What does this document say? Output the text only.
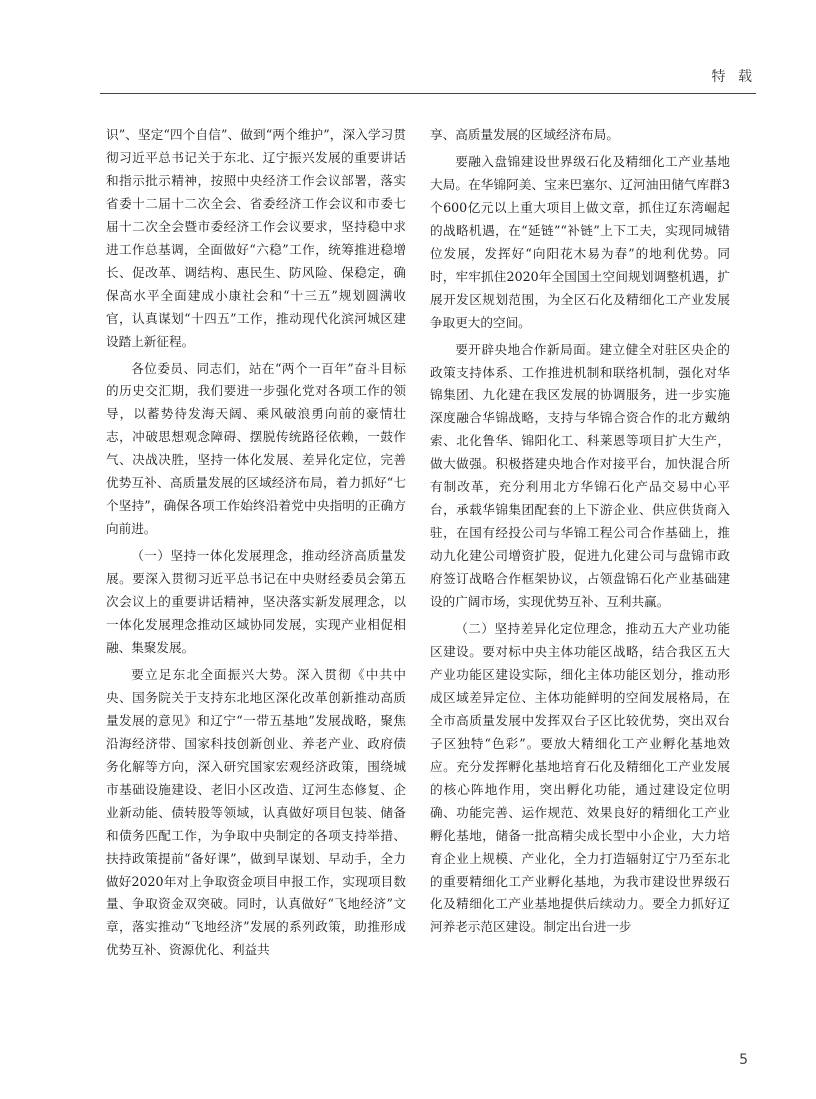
特 载

识”、坚定“四个自信”、做到“两个维护”，深入学习贯彻习近平总书记关于东北、辽宁振兴发展的重要讲话和指示批示精神，按照中央经济工作会议部署，落实省委十二届十二次全会、省委经济工作会议和市委七届十二次全会暨市委经济工作会议要求，坚持稳中求进工作总基调，全面做好“六稳”工作，统筹推进稳增长、促改革、调结构、惠民生、防风险、保稳定，确保高水平全面建成小康社会和“十三五”规划圆满收官，认真谋划“十四五”工作，推动现代化滨河城区建设踏上新征程。

各位委员、同志们，站在“两个一百年”奋斗目标的历史交汇期，我们要进一步强化党对各项工作的领导，以蓄势待发海天阔、乘风破浪勇向前的豪情壮志，冲破思想观念障碍、摆脱传统路径依赖，一鼓作气、决战决胜，坚持一体化发展、差异化定位，完善优势互补、高质量发展的区域经济布局，着力抓好“七个坚持”，确保各项工作始终沿着党中央指明的正确方向前进。

（一）坚持一体化发展理念，推动经济高质量发展。要深入贯彻习近平总书记在中央财经委员会第五次会议上的重要讲话精神，坚决落实新发展理念，以一体化发展理念推动区域协同发展，实现产业相促相融、集聚发展。

要立足东北全面振兴大势。深入贯彻《中共中央、国务院关于支持东北地区深化改革创新推动高质量发展的意见》和辽宁“一带五基地”发展战略，聚焦沿海经济带、国家科技创新创业、养老产业、政府债务化解等方向，深入研究国家宏观经济政策，围绕城市基础设施建设、老旧小区改造、辽河生态修复、企业新动能、债转股等领域，认真做好项目包装、储备和债务匹配工作，为争取中央制定的各项支持举措、扶持政策提前“备好课”，做到早谋划、早动手，全力做好2020年对上争取资金项目申报工作，实现项目数量、争取资金双突破。同时，认真做好“飞地经济”文章，落实推动“飞地经济”发展的系列政策，助推形成优势互补、资源优化、利益共

享、高质量发展的区域经济布局。

要融入盘锦建设世界级石化及精细化工产业基地大局。在华锦阿美、宝来巴塞尔、辽河油田储气库群3个600亿元以上重大项目上做文章，抓住辽东湾崛起的战略机遇，在“延链”“补链”上下工夫，实现同城错位发展，发挥好“向阳花木易为春”的地利优势。同时，牢牢抓住2020年全国国土空间规划调整机遇，扩展开发区规划范围，为全区石化及精细化工产业发展争取更大的空间。

要开辟央地合作新局面。建立健全对驻区央企的政策支持体系、工作推进机制和联络机制，强化对华锦集团、九化建在我区发展的协调服务，进一步实施深度融合华锦战略，支持与华锦合资合作的北方戴纳索、北化鲁华、锦阳化工、科莱恩等项目扩大生产，做大做强。积极搭建央地合作对接平台，加快混合所有制改革，充分利用北方华锦石化产品交易中心平台，承载华锦集团配套的上下游企业、供应供货商入驻，在国有经投公司与华锦工程公司合作基础上，推动九化建公司增资扩股，促进九化建公司与盘锦市政府签订战略合作框架协议，占领盘锦石化产业基础建设的广阔市场，实现优势互补、互利共赢。

（二）坚持差异化定位理念，推动五大产业功能区建设。要对标中央主体功能区战略，结合我区五大产业功能区建设实际，细化主体功能区划分，推动形成区域差异定位、主体功能鲜明的空间发展格局，在全市高质量发展中发挥双台子区比较优势，突出双台子区独特“色彩”。要放大精细化工产业孵化基地效应。充分发挥孵化基地培育石化及精细化工产业发展的核心阵地作用，突出孵化功能，通过建设定位明确、功能完善、运作规范、效果良好的精细化工产业孵化基地，储备一批高精尖成长型中小企业，大力培育企业上规模、产业化，全力打造辐射辽宁乃至东北的重要精细化工产业孵化基地，为我市建设世界级石化及精细化工产业基地提供后续动力。要全力抓好辽河养老示范区建设。制定出台进一步

5
